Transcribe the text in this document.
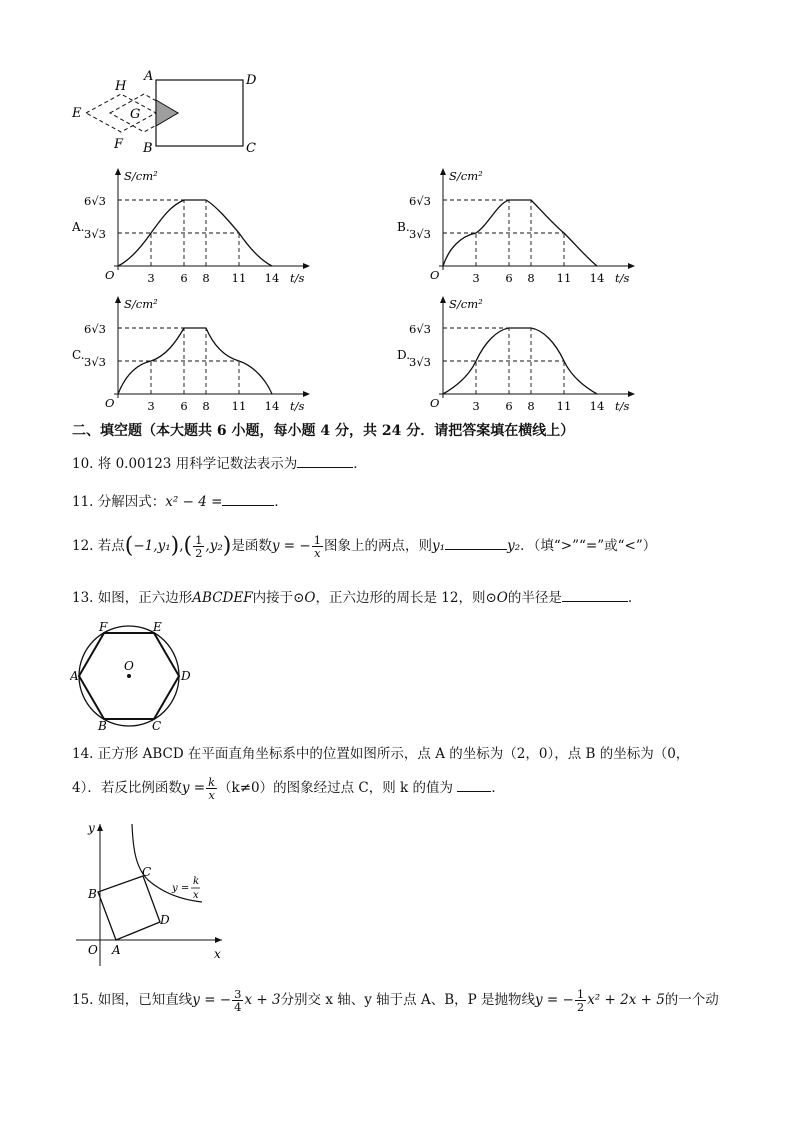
A	D
C
B
H
E	G
F
6√3
3√3
S/cm²
O	3 6 8 11 14 t/s
A.
6√3
3√3
S/cm²
O	3 6 8 11 14 t/s
B.
6√3
3√3
S/cm²
O	3 6 8 11 14 t/s
C.
6√3
3√3
S/cm²
O	3 6 8 11 14 t/s
D.
二、填空题（本大题共 6 小题，每小题 4 分，共 24 分．请把答案填在横线上）
10. 将 0.00123 用科学记数法表示为	．
11. 分解因式：x² − 4 =	．
12. 若点$(-1,y_1),( \frac{1}{2} ,y_2)$是函数y = − $\frac{1}{x}$ 图象上的两点，则y₁	y₂．（填“>”“=”或“<”）
13. 如图，正六边形ABCDEF内接于⊙O，正六边形的周长是 12，则⊙O的半径是	.
O
F	E
A	D
B	C
14. 正方形 ABCD 在平面直角坐标系中的位置如图所示，点 A 的坐标为（2，0），点 B 的坐标为（0，
4）．若反比例函数$y = \frac{k}{x} (k\ne 0)$的图象经过点 C，则 k 的值为	．
y
x
O A
B
C
D
y =
k
x
15. 如图，已知直线y = − $\frac{3}{4}$ x + 3分别交 x 轴、y 轴于点 A、B，P 是抛物线y = − $\frac{1}{2} x^2 + 2x + 5$的一个动
